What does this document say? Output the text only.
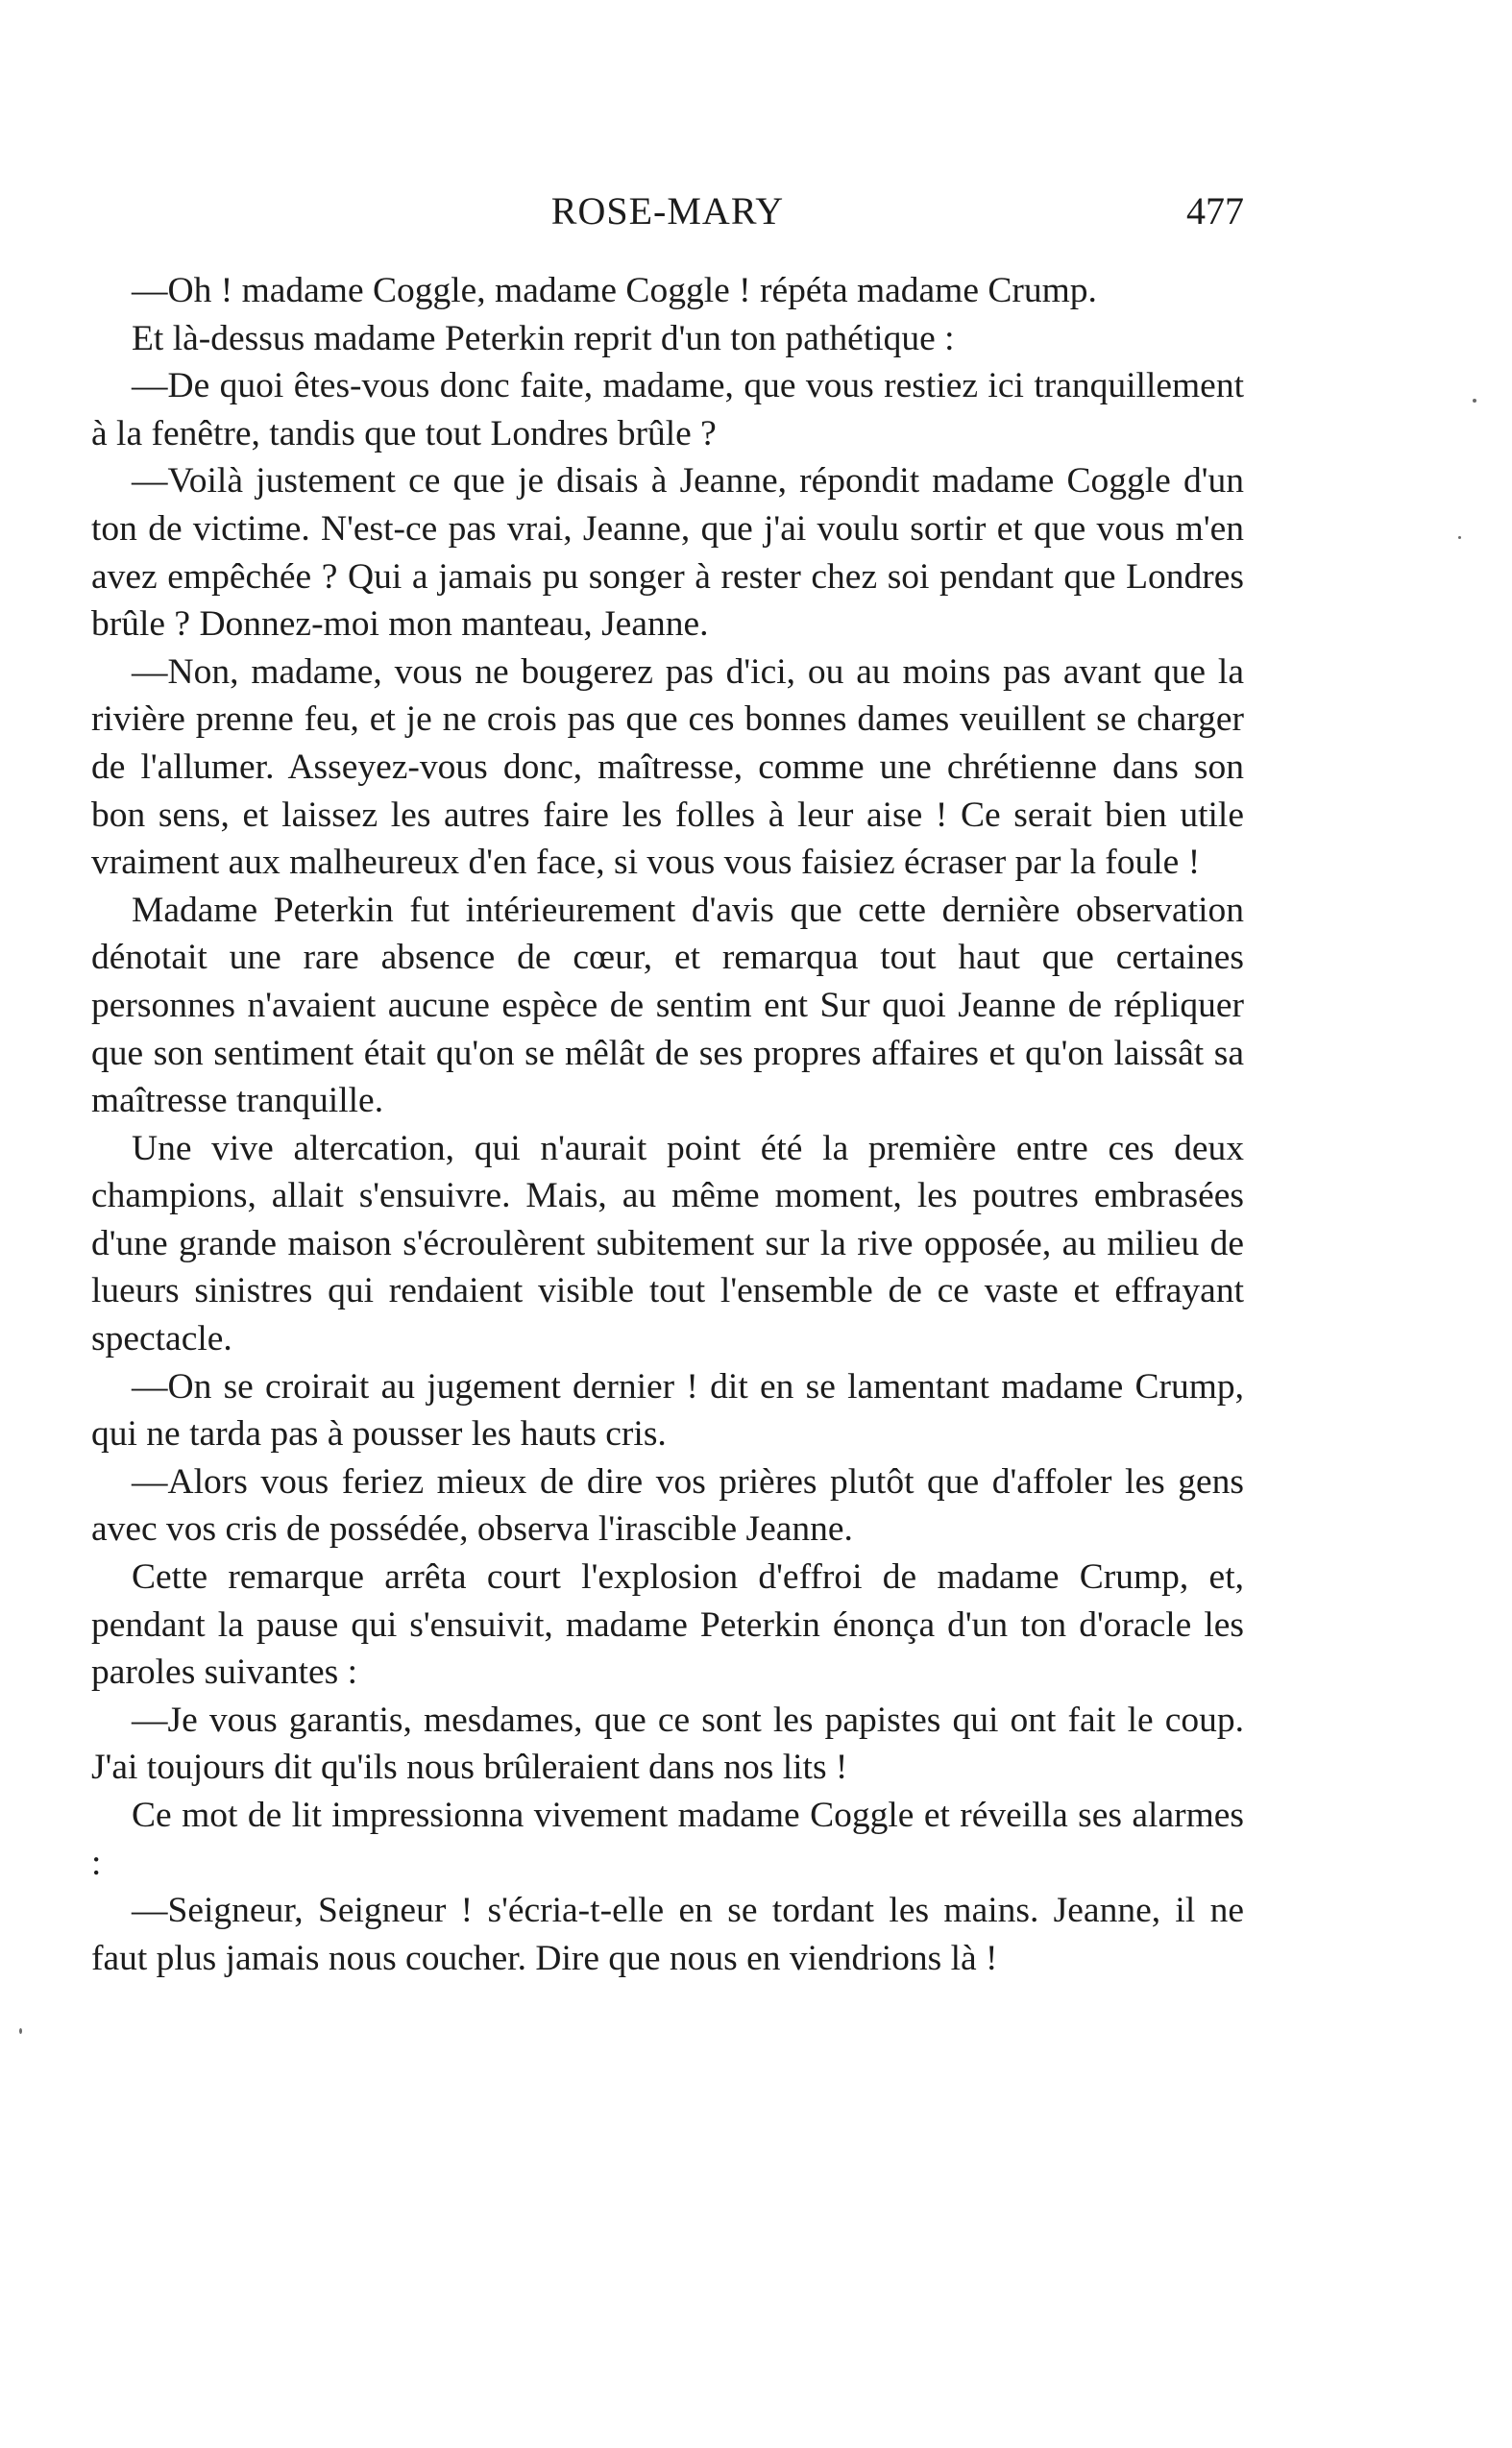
ROSE-MARY	477

—Oh ! madame Coggle, madame Coggle ! répéta madame Crump.

Et là-dessus madame Peterkin reprit d'un ton pathétique :

—De quoi êtes-vous donc faite, madame, que vous restiez ici tranquillement à la fenêtre, tandis que tout Londres brûle ?

—Voilà justement ce que je disais à Jeanne, répondit madame Coggle d'un ton de victime. N'est-ce pas vrai, Jeanne, que j'ai voulu sortir et que vous m'en avez empêchée ? Qui a jamais pu songer à rester chez soi pendant que Londres brûle ? Donnez-moi mon manteau, Jeanne.

—Non, madame, vous ne bougerez pas d'ici, ou au moins pas avant que la rivière prenne feu, et je ne crois pas que ces bonnes dames veuillent se charger de l'allumer. Asseyez-vous donc, maîtresse, comme une chrétienne dans son bon sens, et laissez les autres faire les folles à leur aise ! Ce serait bien utile vraiment aux malheureux d'en face, si vous vous faisiez écraser par la foule !

Madame Peterkin fut intérieurement d'avis que cette dernière observation dénotait une rare absence de cœur, et remarqua tout haut que certaines personnes n'avaient aucune espèce de sentim ent Sur quoi Jeanne de répliquer que son sentiment était qu'on se mêlât de ses propres affaires et qu'on laissât sa maîtresse tranquille.

Une vive altercation, qui n'aurait point été la première entre ces deux champions, allait s'ensuivre. Mais, au même moment, les poutres embrasées d'une grande maison s'écroulèrent subitement sur la rive opposée, au milieu de lueurs sinistres qui rendaient visible tout l'ensemble de ce vaste et effrayant spectacle.

—On se croirait au jugement dernier ! dit en se lamentant madame Crump, qui ne tarda pas à pousser les hauts cris.

—Alors vous feriez mieux de dire vos prières plutôt que d'affoler les gens avec vos cris de possédée, observa l'irascible Jeanne.

Cette remarque arrêta court l'explosion d'effroi de madame Crump, et, pendant la pause qui s'ensuivit, madame Peterkin énonça d'un ton d'oracle les paroles suivantes :

—Je vous garantis, mesdames, que ce sont les papistes qui ont fait le coup. J'ai toujours dit qu'ils nous brûleraient dans nos lits !

Ce mot de lit impressionna vivement madame Coggle et réveilla ses alarmes :

—Seigneur, Seigneur ! s'écria-t-elle en se tordant les mains. Jeanne, il ne faut plus jamais nous coucher. Dire que nous en viendrions là !
